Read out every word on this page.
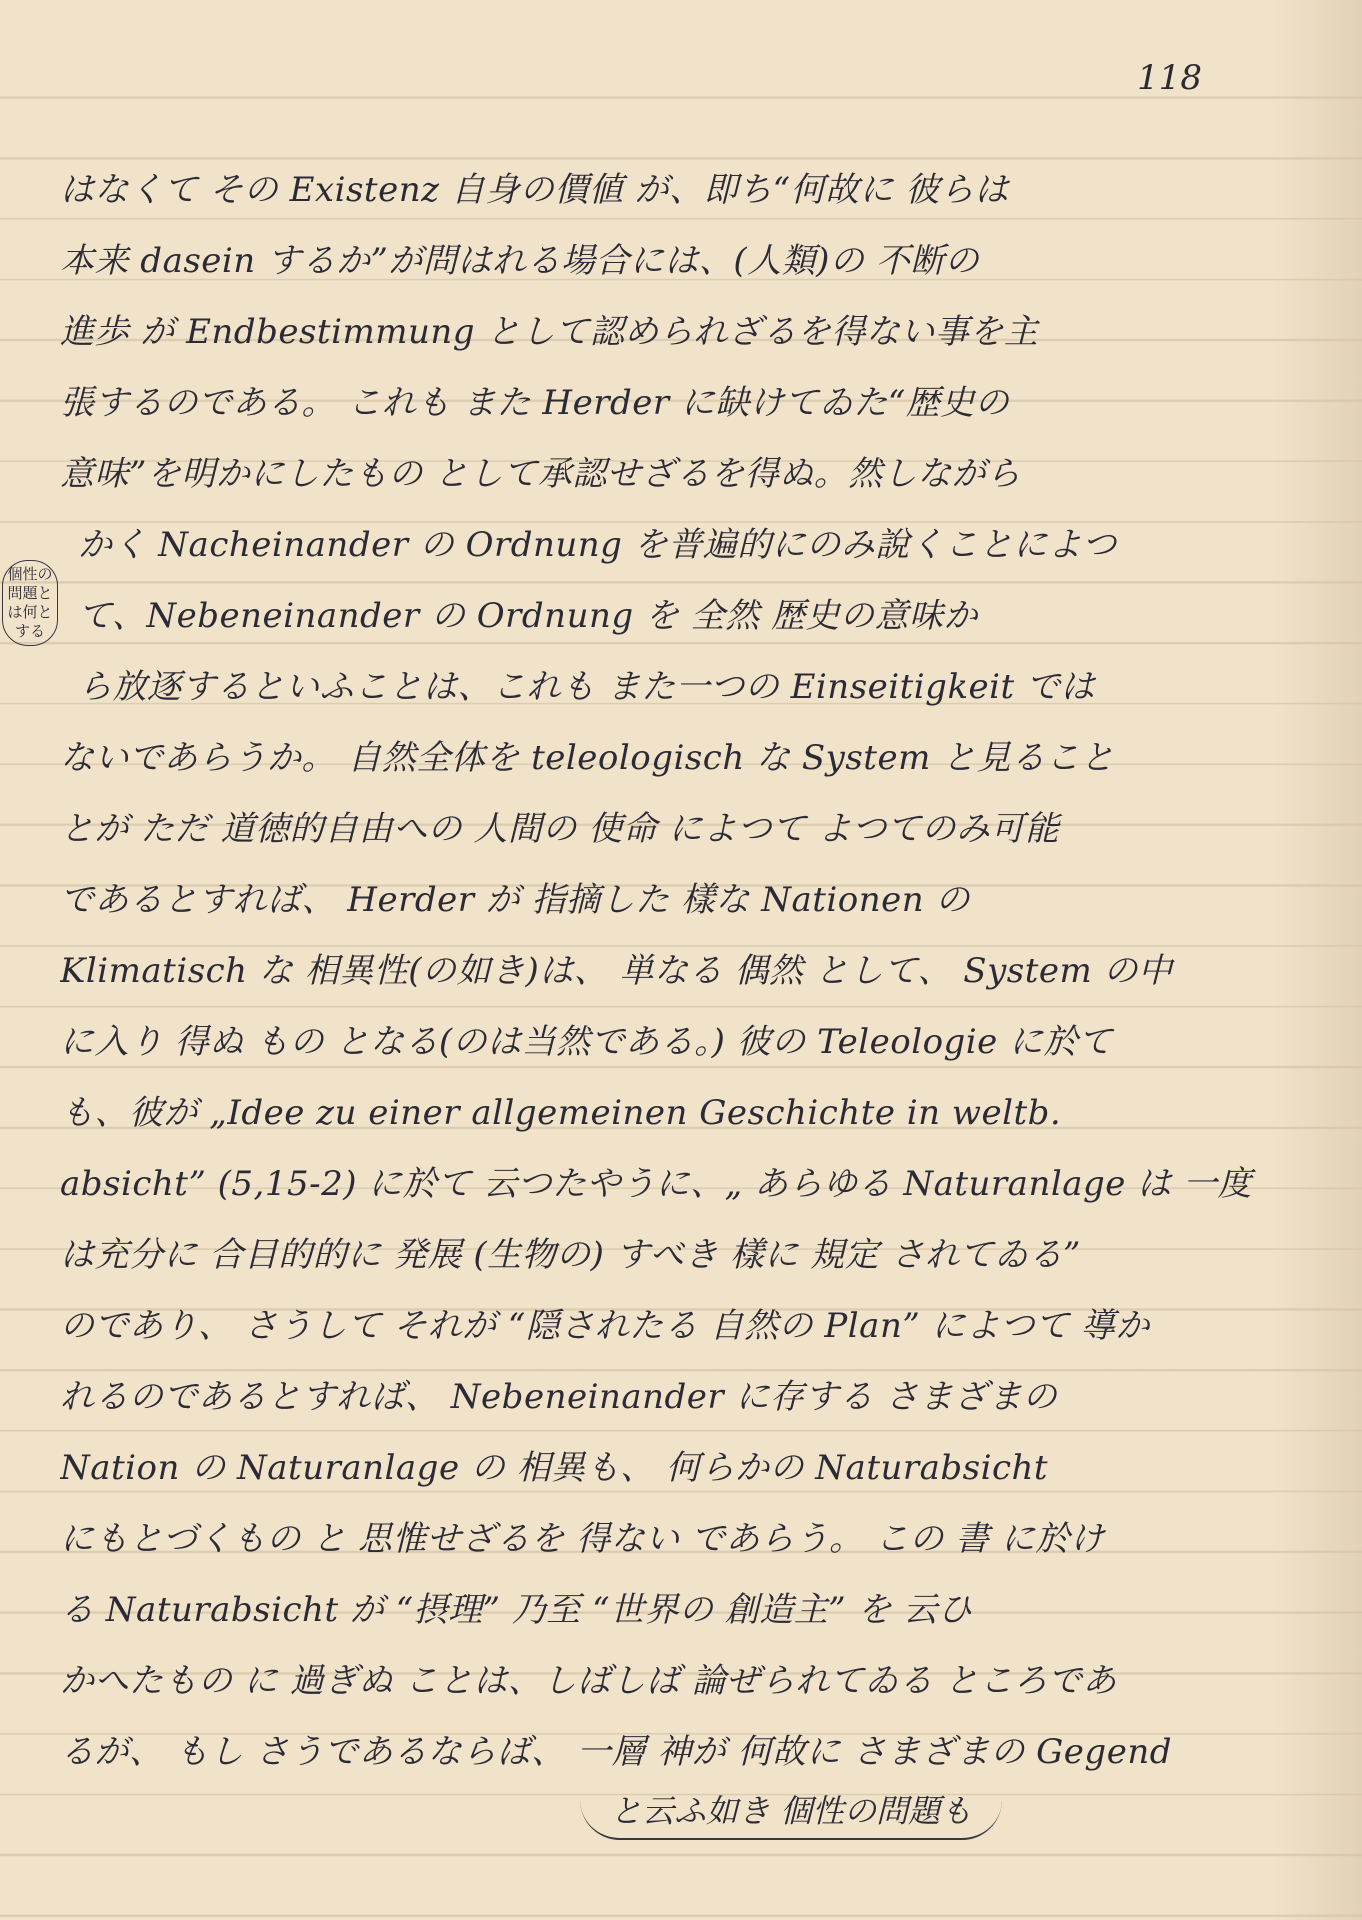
118
個性の問題とは何とする
はなくて その Existenz 自身の價値 が、即ち“何故に 彼らは
本来 dasein するか”が問はれる場合には、(人類)の 不断の
進歩 が Endbestimmung として認められざるを得ない事を主
張するのである。 これも また Herder に缺けてゐた“歴史の
意味”を明かにしたもの として承認せざるを得ぬ。然しながら
かく Nacheinander の Ordnung を普遍的にのみ說くことによつ
て、Nebeneinander の Ordnung を 全然 歴史の意味か
ら放逐するといふことは、これも また一つの Einseitigkeit では
ないであらうか。 自然全体を teleologisch な System と見ること
とが ただ 道徳的自由への 人間の 使命 によつて よつてのみ可能
であるとすれば、 Herder が 指摘した 樣な Nationen の
Klimatisch な 相異性(の如き)は、 単なる 偶然 として、 System の中
に入り 得ぬ もの となる(のは当然である。) 彼の Teleologie に於て
も、彼が „Idee zu einer allgemeinen Geschichte in weltb.
absicht” (5,15-2) に於て 云つたやうに、„ あらゆる Naturanlage は 一度
は充分に 合目的的に 発展 (生物の) すべき 樣に 規定 されてゐる”
のであり、 さうして それが “隠されたる 自然の Plan” によつて 導か
れるのであるとすれば、 Nebeneinander に存する さまざまの
Nation の Naturanlage の 相異も、 何らかの Naturabsicht
にもとづくもの と 思惟せざるを 得ない であらう。 この 書 に於け
る Naturabsicht が “摂理” 乃至 “世界の 創造主” を 云ひ
かへたもの に 過ぎぬ ことは、しばしば 論ぜられてゐる ところであ
るが、 もし さうであるならば、 一層 神が 何故に さまざまの Gegend
と云ふ如き 個性の問題も
